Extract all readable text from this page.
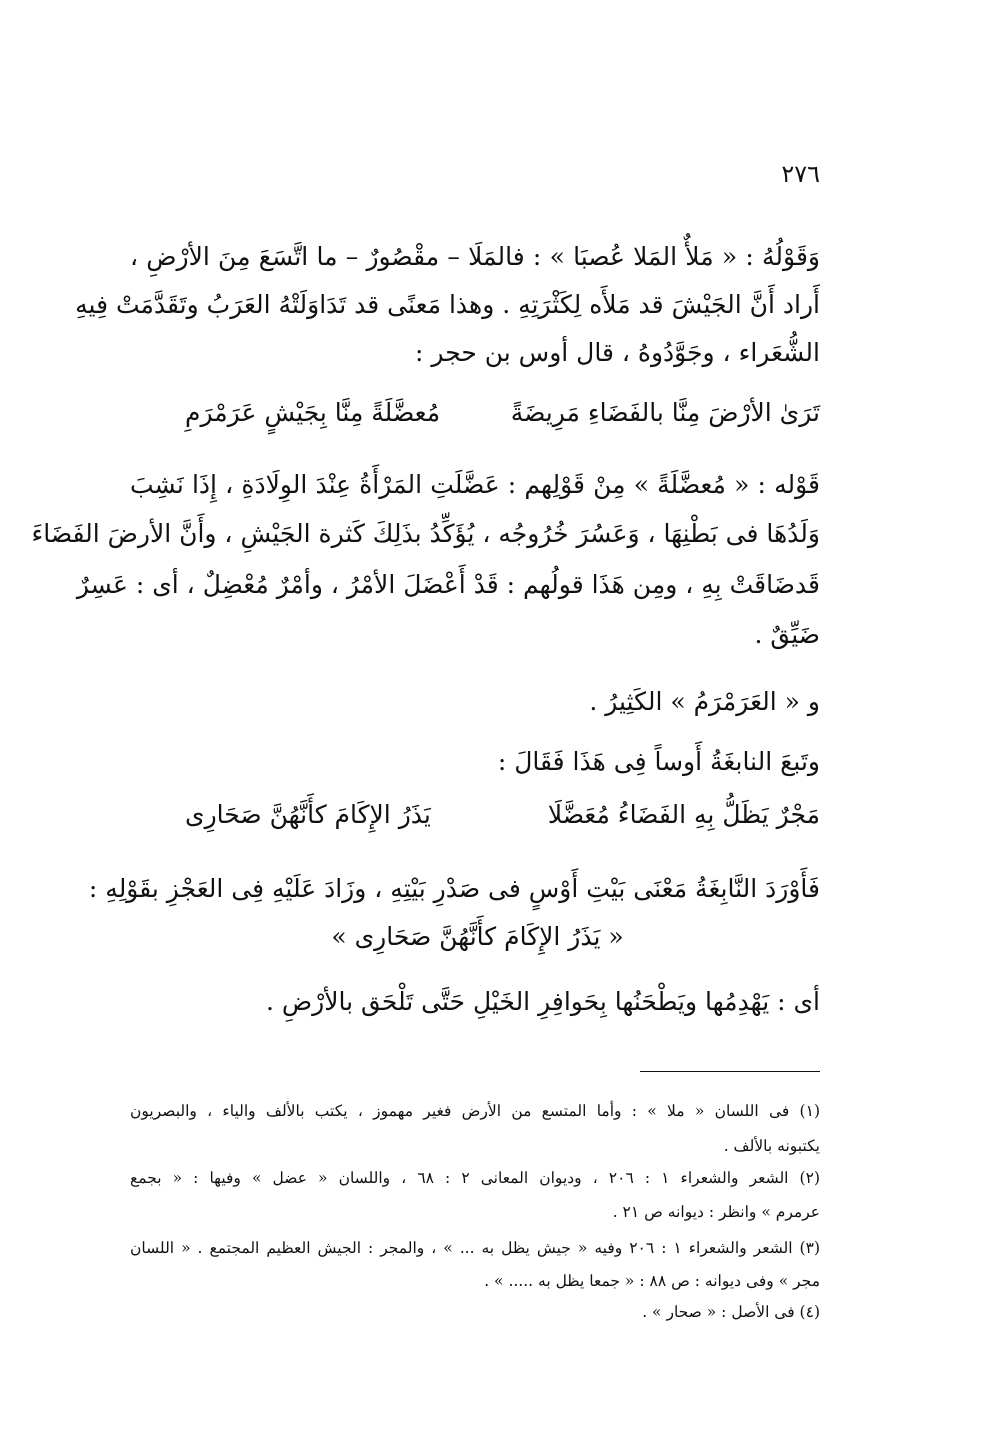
٢٧٦
وَقَوْلُهُ : « مَلأٌ المَلا عُصبَا » : فالمَلَا – مقْصُورٌ – ما اتَّسَعَ مِنَ الأرْضِ ،
أَراد أَنَّ الجَيْشَ قد مَلأَه لِكَثْرَتِهِ . وهذا مَعنًى قد تَدَاوَلَتْهُ العَرَبُ وتَقَدَّمَتْ فِيهِ
الشُّعَراء ، وجَوَّدُوهُ ، قال أوس بن حجر :
تَرَىٰ الأرْضَ مِنَّا بالفَضَاءِ مَرِيضَةً
مُعضَّلَةً مِنَّا بِجَيْشٍ عَرَمْرَمِ
قَوْله : « مُعضَّلَةً » مِنْ قَوْلِهم : عَضَّلَتِ المَرْأَةُ عِنْدَ الوِلَادَةِ ، إِذَا نَشِبَ
وَلَدُهَا فى بَطْنِهَا ، وَعَسُرَ خُرُوجُه ، يُؤَكِّدُ بذَلِكَ كَثرة الجَيْشِ ، وأَنَّ الأرضَ الفَضَاءَ
قَدضَاقَتْ بِهِ ، ومِن هَذَا قولُهم : قَدْ أَعْضَلَ الأمْرُ ، وأمْرٌ مُعْضِلٌ ، أى : عَسِرٌ
ضَيِّقٌ .
و « العَرَمْرَمُ » الكَثِيرُ .
وتَبعَ النابغَةُ أَوساً فِى هَذَا فَقَالَ :
مَجْرٌ يَظَلُّ بِهِ الفَضَاءُ مُعَضَّلَا
يَذَرُ الإِكَامَ كأَنَّهُنَّ صَحَارِى
فَأَوْرَدَ النَّابِغَةُ مَعْنَى بَيْتِ أَوْسٍ فى صَدْرِ بَيْتِهِ ، وزَادَ عَلَيْهِ فِى العَجْزِ بقَوْلِهِ :
« يَذَرُ الإِكَامَ كأَنَّهُنَّ صَحَارِى »
أى : يَهْدِمُها ويَطْحَنُها بِحَوافِرِ الخَيْلِ حَتَّى تَلْحَق بالأرْضِ .
(١) فى اللسان « ملا » : وأما المتسع من الأرض فغير مهموز ، يكتب بالألف والياء ، والبصريون
يكتبونه بالألف .
(٢) الشعر والشعراء ١ : ٢٠٦ ، وديوان المعانى ٢ : ٦٨ ، واللسان « عضل » وفيها : « بجمع
عرمرم » وانظر : ديوانه ص ٢١ .
(٣) الشعر والشعراء ١ : ٢٠٦ وفيه « جيش يظل به ... » ، والمجر : الجيش العظيم المجتمع . « اللسان
مجر » وفى ديوانه : ص ٨٨ : « جمعا يظل به ..... » .
(٤) فى الأصل : « صحار » .
